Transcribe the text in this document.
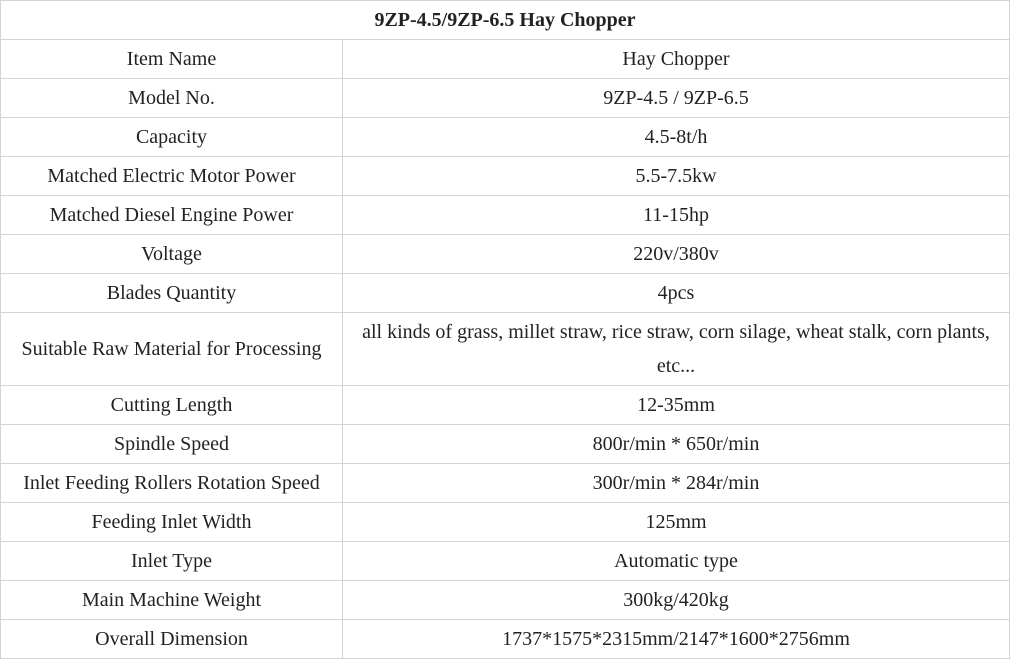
9ZP-4.5/9ZP-6.5 Hay Chopper	
Item Name	Hay Chopper
Model No.	9ZP-4.5 / 9ZP-6.5
Capacity	4.5-8t/h
Matched Electric Motor Power	5.5-7.5kw
Matched Diesel Engine Power	11-15hp
Voltage	220v/380v
Blades Quantity	4pcs
Suitable Raw Material for Processing	all kinds of grass, millet straw, rice straw, corn silage, wheat stalk, corn plants, etc...
Cutting Length	12-35mm
Spindle Speed	800r/min * 650r/min
Inlet Feeding Rollers Rotation Speed	300r/min * 284r/min
Feeding Inlet Width	125mm
Inlet Type	Automatic type
Main Machine Weight	300kg/420kg
Overall Dimension	1737*1575*2315mm/2147*1600*2756mm
